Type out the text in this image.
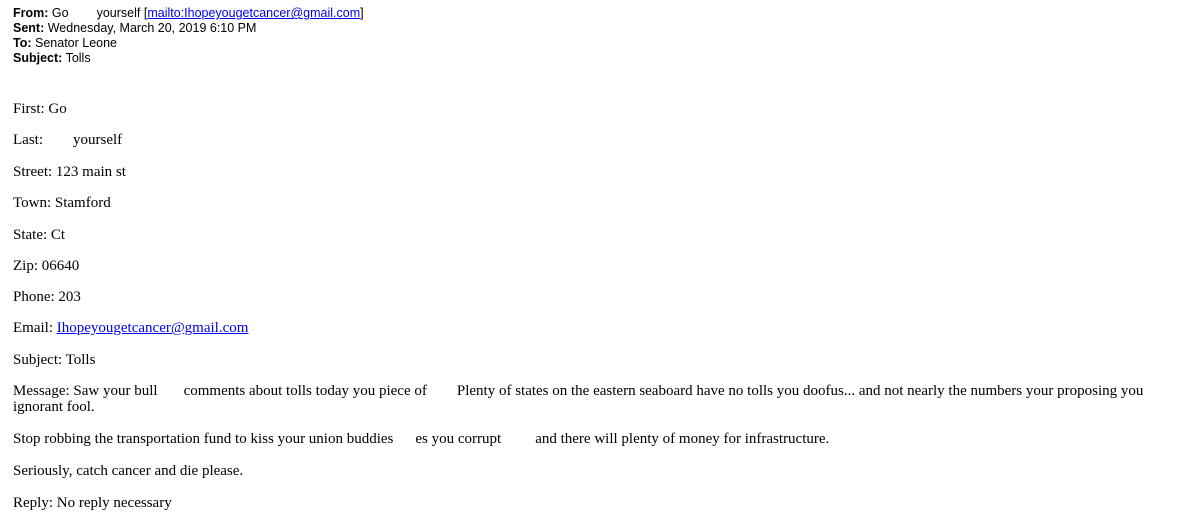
From: Go yourself [mailto:Ihopeyougetcancer@gmail.com]
Sent: Wednesday, March 20, 2019 6:10 PM
To: Senator Leone
Subject: Tolls
First: Go
Last: yourself
Street: 123 main st
Town: Stamford
State: Ct
Zip: 06640
Phone: 203
Email: Ihopeyougetcancer@gmail.com
Subject: Tolls
Message: Saw your bull comments about tolls today you piece of Plenty of states on the eastern seaboard have no tolls you doofus... and not nearly the numbers your proposing you ignorant fool.
Stop robbing the transportation fund to kiss your union buddies es you corrupt and there will plenty of money for infrastructure.
Seriously, catch cancer and die please.
Reply: No reply necessary
